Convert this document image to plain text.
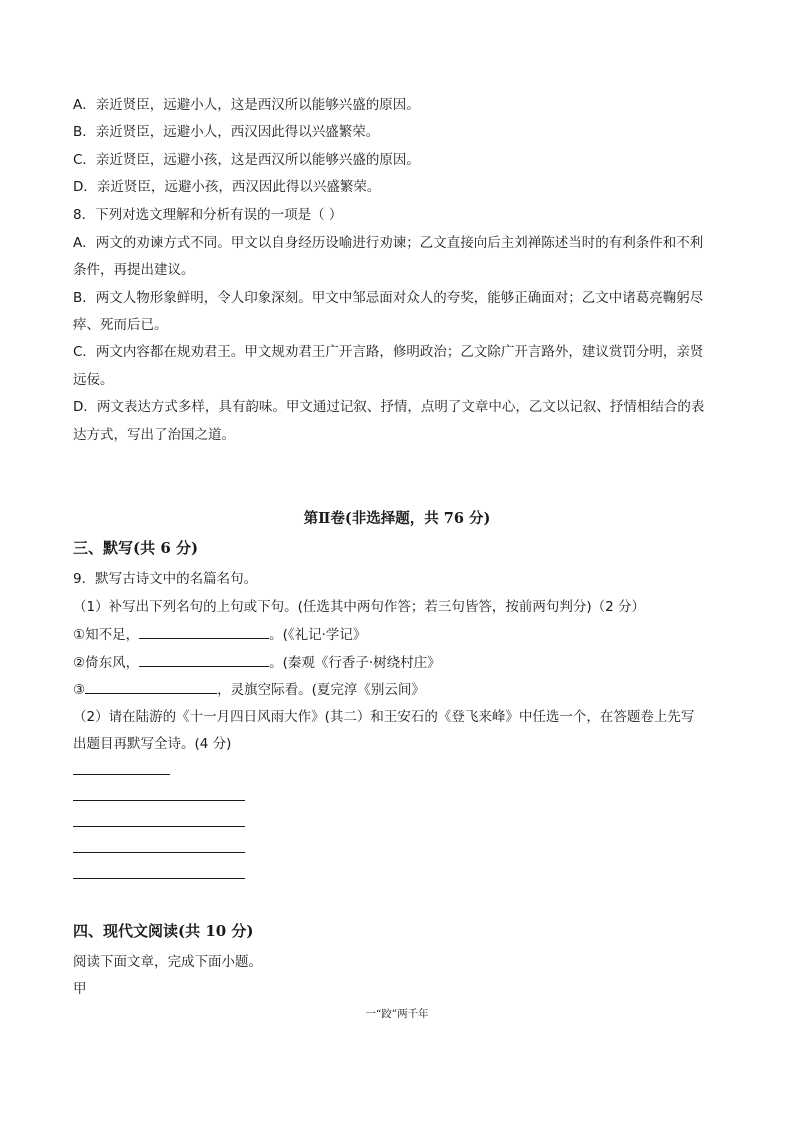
A．亲近贤臣，远避小人，这是西汉所以能够兴盛的原因。
B．亲近贤臣，远避小人，西汉因此得以兴盛繁荣。
C．亲近贤臣，远避小孩，这是西汉所以能够兴盛的原因。
D．亲近贤臣，远避小孩，西汉因此得以兴盛繁荣。
8．下列对选文理解和分析有误的一项是（ ）
A．两文的劝谏方式不同。甲文以自身经历设喻进行劝谏；乙文直接向后主刘禅陈述当时的有利条件和不利
条件，再提出建议。
B．两文人物形象鲜明，令人印象深刻。甲文中邹忌面对众人的夸奖，能够正确面对；乙文中诸葛亮鞠躬尽
瘁、死而后已。
C．两文内容都在规劝君王。甲文规劝君王广开言路，修明政治；乙文除广开言路外，建议赏罚分明，亲贤
远佞。
D．两文表达方式多样，具有韵味。甲文通过记叙、抒情，点明了文章中心，乙文以记叙、抒情相结合的表
达方式，写出了治国之道。
第Ⅱ卷(非选择题，共 76 分)
三、默写(共 6 分)
9．默写古诗文中的名篇名句。
（1）补写出下列名句的上句或下句。(任选其中两句作答；若三句皆答，按前两句判分)（2 分）
①知不足，	。(《礼记·学记》
②倚东风，	。(秦观《行香子·树绕村庄》
③	，灵旗空际看。(夏完淳《别云间》
（2）请在陆游的《十一月四日风雨大作》(其二）和王安石的《登飞来峰》中任选一个，在答题卷上先写
出题目再默写全诗。(4 分)
四、现代文阅读(共 10 分)
阅读下面文章，完成下面小题。
甲
一“跤”两千年
